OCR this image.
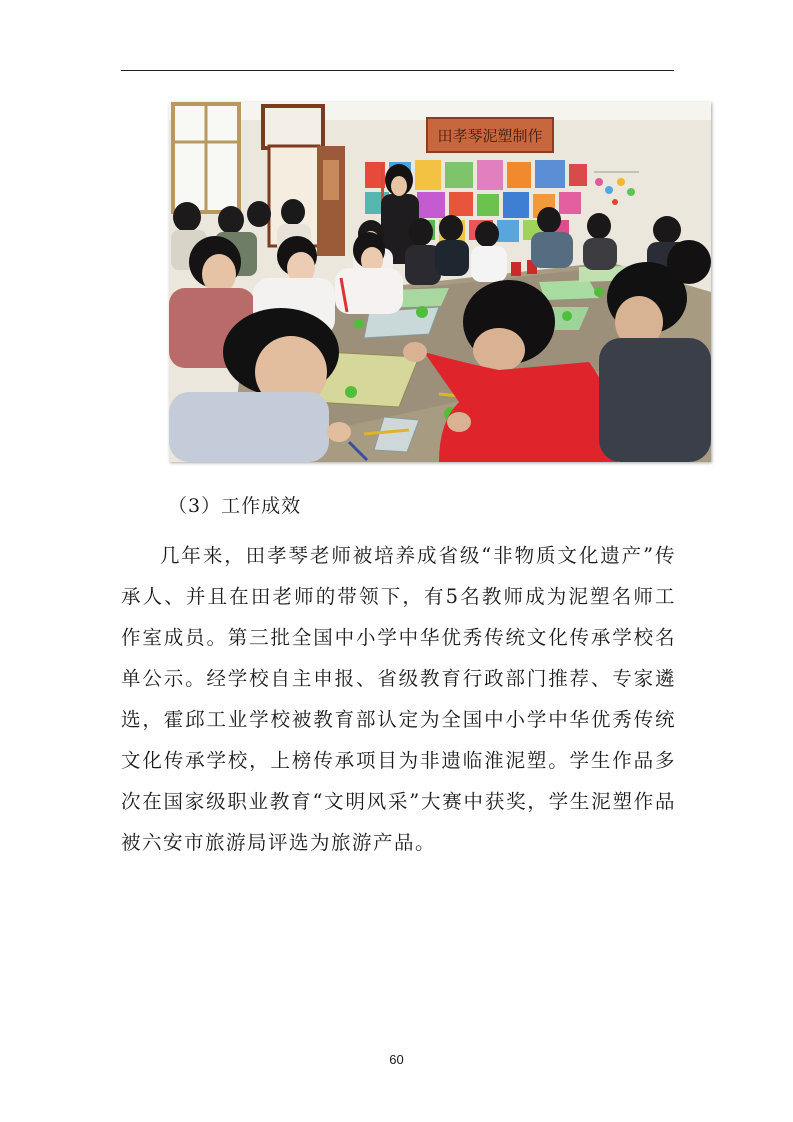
田孝琴泥塑制作
（3）工作成效

几年来，田孝琴老师被培养成省级“非物质文化遗产”传承人、并且在田老师的带领下，有5名教师成为泥塑名师工作室成员。第三批全国中小学中华优秀传统文化传承学校名单公示。经学校自主申报、省级教育行政部门推荐、专家遴选，霍邱工业学校被教育部认定为全国中小学中华优秀传统文化传承学校，上榜传承项目为非遗临淮泥塑。学生作品多次在国家级职业教育“文明风采”大赛中获奖，学生泥塑作品被六安市旅游局评选为旅游产品。

60
